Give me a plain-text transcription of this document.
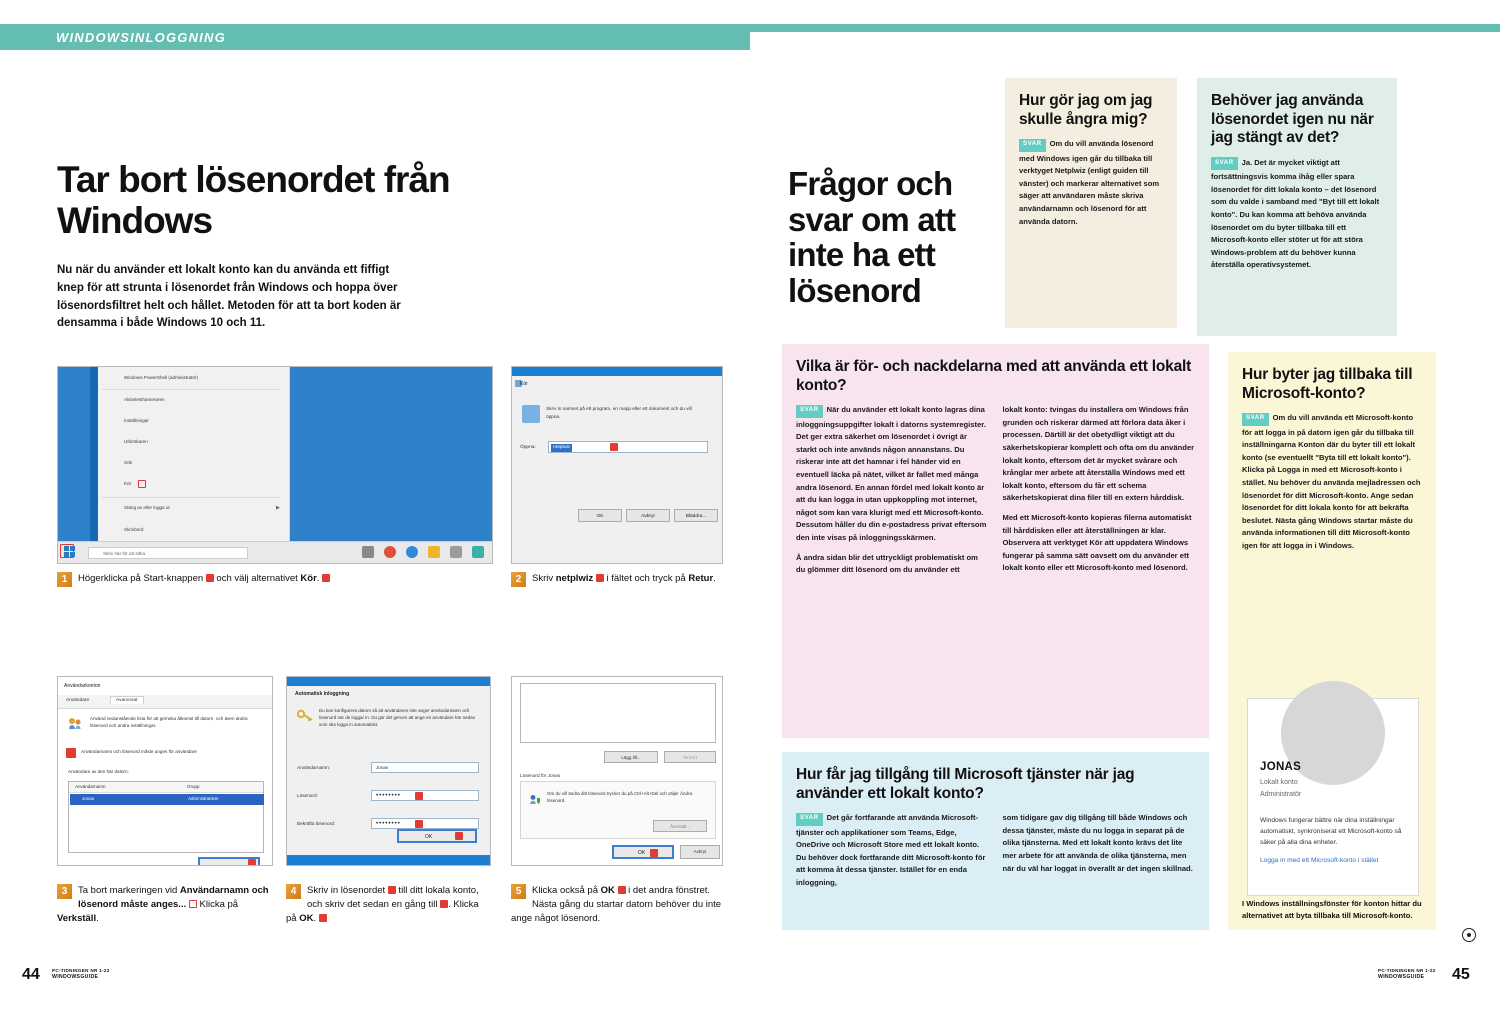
WINDOWSINLOGGNING
Tar bort lösenordet från Windows
Nu när du använder ett lokalt konto kan du använda ett fiffigt knep för att strunta i lösenordet från Windows och hoppa över lösenordsfiltret helt och hållet. Metoden för att ta bort koden är densamma i både Windows 10 och 11.
Windows PowerShell (administratör)
Aktivitetshanteraren
Inställningar
Utforskaren
Sök
Kör
Stäng av eller logga ut	▶
Skrivbord
Skriv här för att söka
Kör
Skriv in namnet på ett program, en mapp eller ett dokument och du vill öppna.
Öppna:	netplwiz
OK	Avbryt	Bläddra...
1	Högerklicka på Start-knappen  och välj alternativet Kör.	2	Skriv netplwiz  i fältet och tryck på Retur.
Användarkonton
Användare	Avancerat
Använd nedanstående lista för att ge/neka åtkomst till datorn, och även ändra lösenord och andra inställningar.
Användarnamn och lösenord måste anges för användare
Användare av den här datorn:
Användarnamn	Grupp
Jonas	Administratörer
Automatisk inloggning
Du kan konfigurera datorn så att användaren inte anger användarnamn och lösenord när de loggar in. Du gör det genom att ange en användare här nedan som ska logga in automatiskt.
Användarnamn:	Jonas
Lösenord:	••••••••
Bekräfta lösenord:	••••••••
OK
Lägg till...	Ta bort
Lösenord för Jonas
Om du vill ändra ditt lösenord trycker du på Ctrl+Alt+Del och väljer Ändra lösenord.
Återställ...
OK	Avbryt
3	Ta bort markeringen vid Användarnamn och lösenord måste anges...  Klicka på Verkställ.
4	Skriv in lösenordet  till ditt lokala konto, och skriv det sedan en gång till . Klicka på OK.
5	Klicka också på OK  i det andra fönstret. Nästa gång du startar datorn behöver du inte ange något lösenord.
44	PC-TIDNINGEN NR 1-22
WINDOWSGUIDE
Frågor och svar om att inte ha ett lösenord
Hur gör jag om jag skulle ångra mig?

SVAR Om du vill använda lösenord med Windows igen går du tillbaka till verktyget Netplwiz (enligt guiden till vänster) och markerar alternativet som säger att användaren måste skriva användarnamn och lösenord för att använda datorn.

Behöver jag använda lösenordet igen nu när jag stängt av det?

SVAR Ja. Det är mycket viktigt att fortsättningsvis komma ihåg eller spara lösenordet för ditt lokala konto – det lösenord som du valde i samband med "Byt till ett lokalt konto". Du kan komma att behöva använda lösenordet om du byter tillbaka till ett Microsoft-konto eller stöter ut för att störa Windows-problem att du behöver kunna återställa operativsystemet.

Vilka är för- och nackdelarna med att använda ett lokalt konto?

SVAR När du använder ett lokalt konto lagras dina inloggningsuppgifter lokalt i datorns systemregister. Det ger extra säkerhet om lösenordet i övrigt är starkt och inte används någon annanstans. Du riskerar inte att det hamnar i fel händer vid en eventuell läcka på nätet, vilket är fallet med många andra lösenord. En annan fördel med lokalt konto är att du kan logga in utan uppkoppling mot internet, något som kan vara klurigt med ett Microsoft-konto. Dessutom håller du din e-postadress privat eftersom den inte visas på inloggningsskärmen.

Å andra sidan blir det uttryckligt problematiskt om du glömmer ditt lösenord om du använder ett

lokalt konto: tvingas du installera om Windows från grunden och riskerar därmed att förlora data åker i processen. Därtill är det obetydligt viktigt att du säkerhetskopierar komplett och ofta om du använder lokalt konto, eftersom det är mycket svårare och krånglar mer arbete att återställa Windows med ett lokalt konto, eftersom du får ett schema säkerhetskopierat dina filer till en extern hårddisk.

Med ett Microsoft-konto kopieras filerna automatiskt till hårddisken eller att återställningen är klar. Observera att verktyget Kör att uppdatera Windows fungerar på samma sätt oavsett om du använder ett lokalt konto eller ett Microsoft-konto med lösenord.

Hur får jag tillgång till Microsoft tjänster när jag använder ett lokalt konto?

SVAR Det går fortfarande att använda Microsoft-tjänster och applikationer som Teams, Edge, OneDrive och Microsoft Store med ett lokalt konto. Du behöver dock fortfarande ditt Microsoft-konto för att komma åt dessa tjänster. Istället för en enda inloggning,

som tidigare gav dig tillgång till både Windows och dessa tjänster, måste du nu logga in separat på de olika tjänsterna. Med ett lokalt konto krävs det lite mer arbete för att använda de olika tjänsterna, men när du väl har loggat in överallt är det ingen skillnad.

Hur byter jag tillbaka till Microsoft-konto?

SVAR Om du vill använda ett Microsoft-konto för att logga in på datorn igen går du tillbaka till inställningarna Konton där du byter till ett lokalt konto (se eventuellt "Byta till ett lokalt konto"). Klicka på Logga in med ett Microsoft-konto i stället. Nu behöver du använda mejladressen och lösenordet för ditt Microsoft-konto. Ange sedan lösenordet för ditt lokala konto för att bekräfta beslutet. Nästa gång Windows startar måste du använda informationen till ditt Microsoft-konto igen för att logga in i Windows.

JONAS
Lokalt konto
Administratör
Windows fungerar bättre när dina inställningar automatiskt, synkroniserat ett Microsoft-konto så säker på alla dina enheter.
Logga in med ett Microsoft-konto i stället
I Windows inställningsfönster för konton hittar du alternativet att byta tillbaka till Microsoft-konto.
45
PC-TIDNINGEN NR 1-22
WINDOWSGUIDE
